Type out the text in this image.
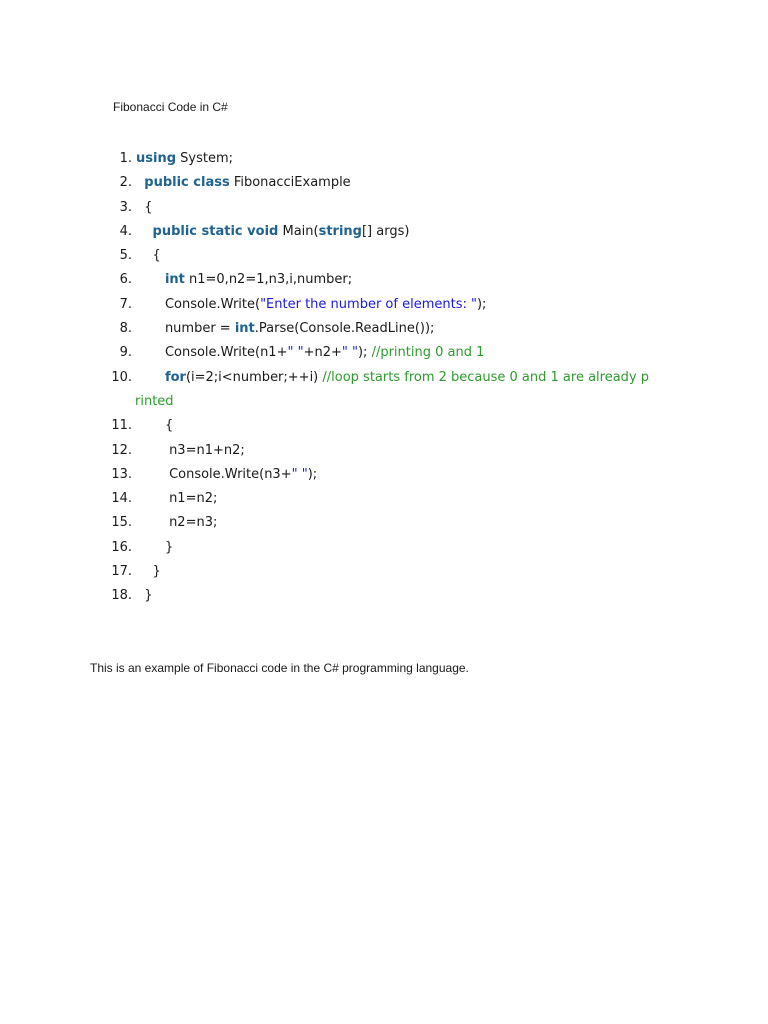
Fibonacci Code in C#
1. using System;
2. public class FibonacciExample
3. {
4.	public static void Main(string[] args)
5.	{
6.	int n1=0,n2=1,n3,i,number;
7.	Console.Write("Enter the number of elements: ");
8.	number = int.Parse(Console.ReadLine());
9.	Console.Write(n1+" "+n2+" "); //printing 0 and 1
10.	for(i=2;i<number;++i) //loop starts from 2 because 0 and 1 are already p
rinted
11.	{
12.	n3=n1+n2;
13.	Console.Write(n3+" ");
14.	n1=n2;
15.	n2=n3;
16.	}
17.	}
18. }

This is an example of Fibonacci code in the C# programming language.
